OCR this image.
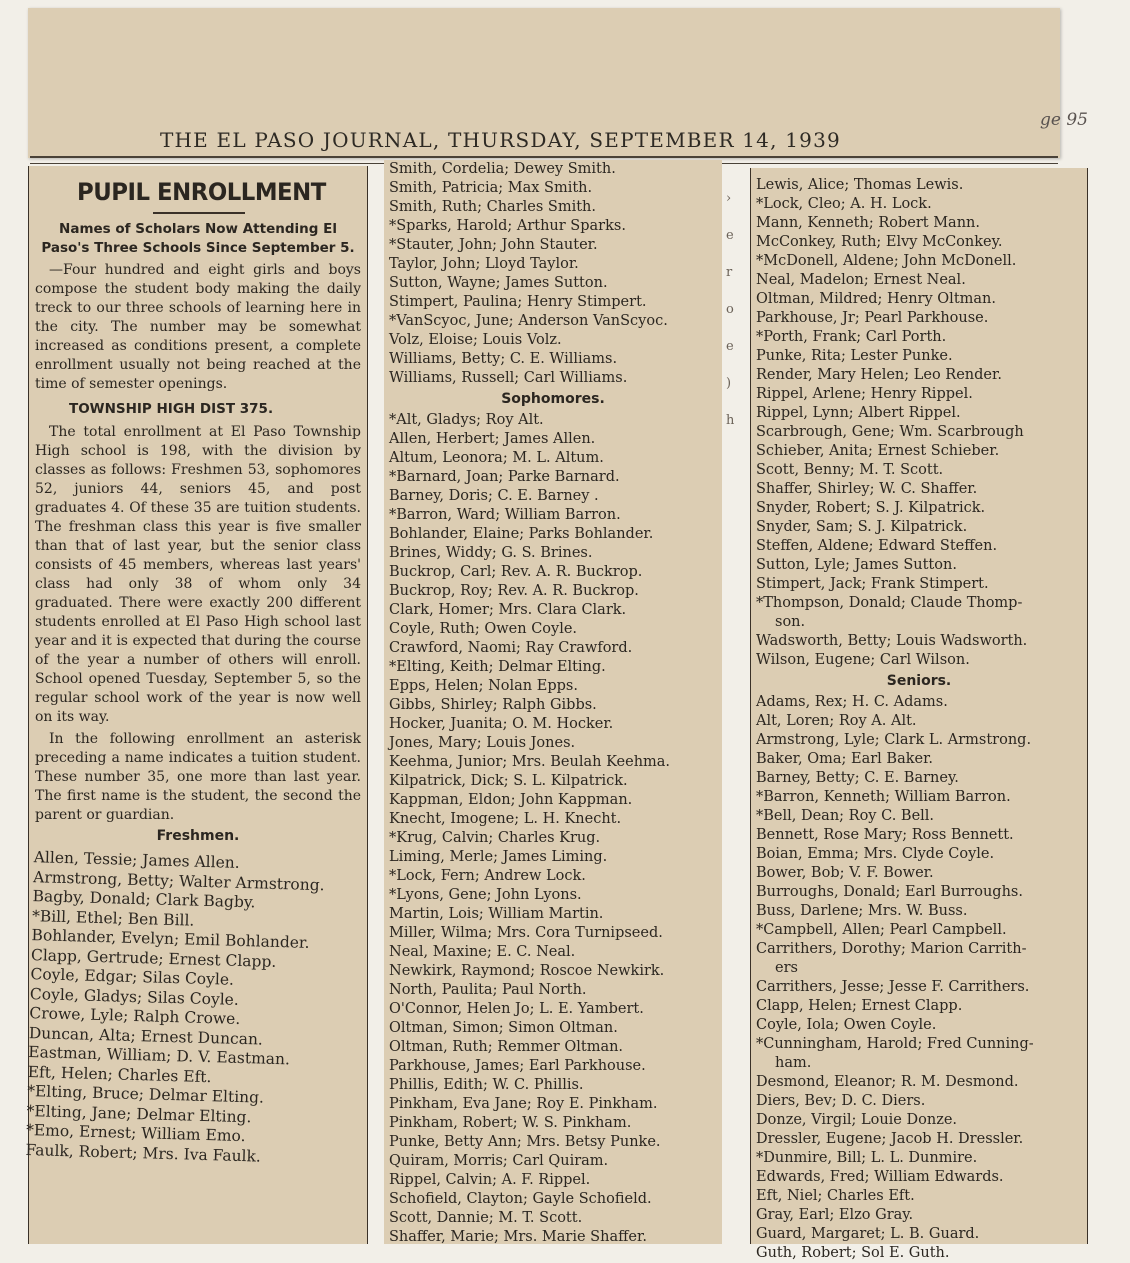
ge 95
THE EL PASO JOURNAL, THURSDAY, SEPTEMBER 14, 1939
PUPIL ENROLLMENT
Names of Scholars Now Attending El Paso's Three Schools Since September 5.

—Four hundred and eight girls and boys compose the student body making the daily treck to our three schools of learning here in the city. The number may be somewhat increased as conditions present, a complete enrollment usually not being reached at the time of semester openings.

TOWNSHIP HIGH DIST 375.

The total enrollment at El Paso Township High school is 198, with the division by classes as follows: Freshmen 53, sophomores 52, juniors 44, seniors 45, and post graduates 4. Of these 35 are tuition students. The freshman class this year is five smaller than that of last year, but the senior class consists of 45 members, whereas last years' class had only 38 of whom only 34 graduated. There were exactly 200 different students enrolled at El Paso High school last year and it is expected that during the course of the year a number of others will enroll. School opened Tuesday, September 5, so the regular school work of the year is now well on its way.

In the following enrollment an asterisk preceding a name indicates a tuition student. These number 35, one more than last year. The first name is the student, the second the parent or guardian.

Freshmen.
Allen, Tessie; James Allen.
Armstrong, Betty; Walter Armstrong.
Bagby, Donald; Clark Bagby.
*Bill, Ethel; Ben Bill.
Bohlander, Evelyn; Emil Bohlander.
Clapp, Gertrude; Ernest Clapp.
Coyle, Edgar; Silas Coyle.
Coyle, Gladys; Silas Coyle.
Crowe, Lyle; Ralph Crowe.
Duncan, Alta; Ernest Duncan.
Eastman, William; D. V. Eastman.
Eft, Helen; Charles Eft.
*Elting, Bruce; Delmar Elting.
*Elting, Jane; Delmar Elting.
*Emo, Ernest; William Emo.
Faulk, Robert; Mrs. Iva Faulk.
›
e
r
o
e
)
h
Smith, Cordelia; Dewey Smith.
Smith, Patricia; Max Smith.
Smith, Ruth; Charles Smith.
*Sparks, Harold; Arthur Sparks.
*Stauter, John; John Stauter.
Taylor, John; Lloyd Taylor.
Sutton, Wayne; James Sutton.
Stimpert, Paulina; Henry Stimpert.
*VanScyoc, June; Anderson VanScyoc.
Volz, Eloise; Louis Volz.
Williams, Betty; C. E. Williams.
Williams, Russell; Carl Williams.
Sophomores.
*Alt, Gladys; Roy Alt.
Allen, Herbert; James Allen.
Altum, Leonora; M. L. Altum.
*Barnard, Joan; Parke Barnard.
Barney, Doris; C. E. Barney .
*Barron, Ward; William Barron.
Bohlander, Elaine; Parks Bohlander.
Brines, Widdy; G. S. Brines.
Buckrop, Carl; Rev. A. R. Buckrop.
Buckrop, Roy; Rev. A. R. Buckrop.
Clark, Homer; Mrs. Clara Clark.
Coyle, Ruth; Owen Coyle.
Crawford, Naomi; Ray Crawford.
*Elting, Keith; Delmar Elting.
Epps, Helen; Nolan Epps.
Gibbs, Shirley; Ralph Gibbs.
Hocker, Juanita; O. M. Hocker.
Jones, Mary; Louis Jones.
Keehma, Junior; Mrs. Beulah Keehma.
Kilpatrick, Dick; S. L. Kilpatrick.
Kappman, Eldon; John Kappman.
Knecht, Imogene; L. H. Knecht.
*Krug, Calvin; Charles Krug.
Liming, Merle; James Liming.
*Lock, Fern; Andrew Lock.
*Lyons, Gene; John Lyons.
Martin, Lois; William Martin.
Miller, Wilma; Mrs. Cora Turnipseed.
Neal, Maxine; E. C. Neal.
Newkirk, Raymond; Roscoe Newkirk.
North, Paulita; Paul North.
O'Connor, Helen Jo; L. E. Yambert.
Oltman, Simon; Simon Oltman.
Oltman, Ruth; Remmer Oltman.
Parkhouse, James; Earl Parkhouse.
Phillis, Edith; W. C. Phillis.
Pinkham, Eva Jane; Roy E. Pinkham.
Pinkham, Robert; W. S. Pinkham.
Punke, Betty Ann; Mrs. Betsy Punke.
Quiram, Morris; Carl Quiram.
Rippel, Calvin; A. F. Rippel.
Schofield, Clayton; Gayle Schofield.
Scott, Dannie; M. T. Scott.
Shaffer, Marie; Mrs. Marie Shaffer.
Lewis, Alice; Thomas Lewis.
*Lock, Cleo; A. H. Lock.
Mann, Kenneth; Robert Mann.
McConkey, Ruth; Elvy McConkey.
*McDonell, Aldene; John McDonell.
Neal, Madelon; Ernest Neal.
Oltman, Mildred; Henry Oltman.
Parkhouse, Jr; Pearl Parkhouse.
*Porth, Frank; Carl Porth.
Punke, Rita; Lester Punke.
Render, Mary Helen; Leo Render.
Rippel, Arlene; Henry Rippel.
Rippel, Lynn; Albert Rippel.
Scarbrough, Gene; Wm. Scarbrough
Schieber, Anita; Ernest Schieber.
Scott, Benny; M. T. Scott.
Shaffer, Shirley; W. C. Shaffer.
Snyder, Robert; S. J. Kilpatrick.
Snyder, Sam; S. J. Kilpatrick.
Steffen, Aldene; Edward Steffen.
Sutton, Lyle; James Sutton.
Stimpert, Jack; Frank Stimpert.
*Thompson, Donald; Claude Thomp-
son.
Wadsworth, Betty; Louis Wadsworth.
Wilson, Eugene; Carl Wilson.
Seniors.
Adams, Rex; H. C. Adams.
Alt, Loren; Roy A. Alt.
Armstrong, Lyle; Clark L. Armstrong.
Baker, Oma; Earl Baker.
Barney, Betty; C. E. Barney.
*Barron, Kenneth; William Barron.
*Bell, Dean; Roy C. Bell.
Bennett, Rose Mary; Ross Bennett.
Boian, Emma; Mrs. Clyde Coyle.
Bower, Bob; V. F. Bower.
Burroughs, Donald; Earl Burroughs.
Buss, Darlene; Mrs. W. Buss.
*Campbell, Allen; Pearl Campbell.
Carrithers, Dorothy; Marion Carrith-
ers
Carrithers, Jesse; Jesse F. Carrithers.
Clapp, Helen; Ernest Clapp.
Coyle, Iola; Owen Coyle.
*Cunningham, Harold; Fred Cunning-
ham.
Desmond, Eleanor; R. M. Desmond.
Diers, Bev; D. C. Diers.
Donze, Virgil; Louie Donze.
Dressler, Eugene; Jacob H. Dressler.
*Dunmire, Bill; L. L. Dunmire.
Edwards, Fred; William Edwards.
Eft, Niel; Charles Eft.
Gray, Earl; Elzo Gray.
Guard, Margaret; L. B. Guard.
Guth, Robert; Sol E. Guth.
